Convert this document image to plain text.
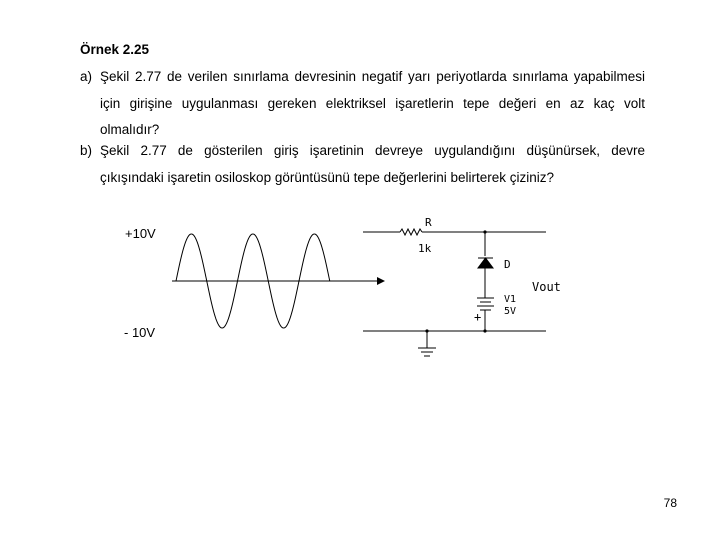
Örnek 2.25
a) Şekil 2.77 de verilen sınırlama devresinin negatif yarı periyotlarda sınırlama yapabilmesi için girişine uygulanması gereken elektriksel işaretlerin tepe değeri en az kaç volt olmalıdır?
b) Şekil 2.77 de gösterilen giriş işaretinin devreye uygulandığını düşünürsek, devre çıkışındaki işaretin osiloskop görüntüsünü tepe değerlerini belirterek çiziniz?
+10V
- 10V
R
1k
D
Vout
V1
5V
+
78
